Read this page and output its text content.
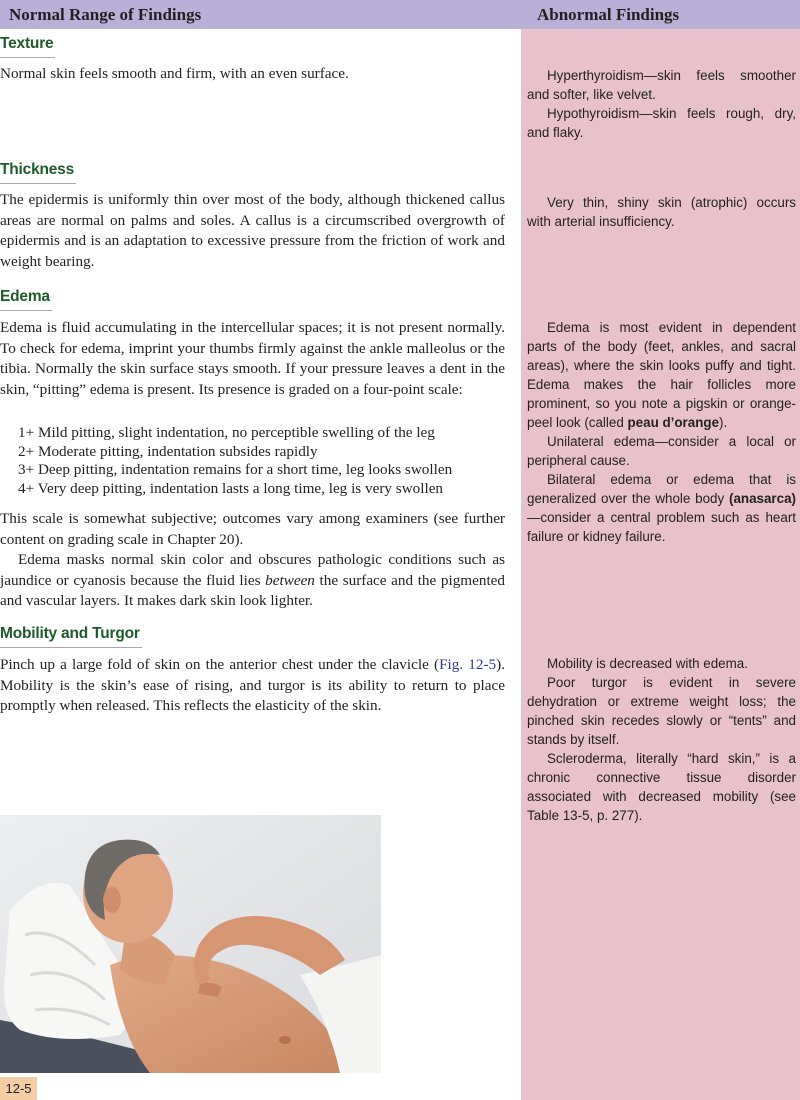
Normal Range of Findings	Abnormal Findings
Texture

Normal skin feels smooth and firm, with an even surface.	Hyperthyroidism—skin feels smoother and softer, like velvet.

Hypothyroidism—skin feels rough, dry, and flaky.

Thickness

The epidermis is uniformly thin over most of the body, although thickened callus areas are normal on palms and soles. A callus is a circumscribed overgrowth of epidermis and is an adaptation to excessive pressure from the friction of work and weight bearing.

Very thin, shiny skin (atrophic) occurs with arterial insufficiency.

Edema

Edema is fluid accumulating in the intercellular spaces; it is not present normally. To check for edema, imprint your thumbs firmly against the ankle malleolus or the tibia. Normally the skin surface stays smooth. If your pressure leaves a dent in the skin, “pitting” edema is present. Its presence is graded on a four-point scale:

1+ Mild pitting, slight indentation, no perceptible swelling of the leg
2+ Moderate pitting, indentation subsides rapidly
3+ Deep pitting, indentation remains for a short time, leg looks swollen
4+ Very deep pitting, indentation lasts a long time, leg is very swollen

This scale is somewhat subjective; outcomes vary among examiners (see further content on grading scale in Chapter 20).

Edema masks normal skin color and obscures pathologic conditions such as jaundice or cyanosis because the fluid lies between the surface and the pigmented and vascular layers. It makes dark skin look lighter.

Edema is most evident in dependent parts of the body (feet, ankles, and sacral areas), where the skin looks puffy and tight. Edema makes the hair follicles more prominent, so you note a pigskin or orange-peel look (called peau d’orange).

Unilateral edema—consider a local or peripheral cause.

Bilateral edema or edema that is generalized over the whole body (anasarca)—consider a central problem such as heart failure or kidney failure.

Mobility and Turgor

Pinch up a large fold of skin on the anterior chest under the clavicle (Fig. 12-5). Mobility is the skin’s ease of rising, and turgor is its ability to return to place promptly when released. This reflects the elasticity of the skin.

Mobility is decreased with edema.

Poor turgor is evident in severe dehydration or extreme weight loss; the pinched skin recedes slowly or “tents” and stands by itself.

Scleroderma, literally “hard skin,” is a chronic connective tissue disorder associated with decreased mobility (see Table 13-5, p. 277).

12-5
